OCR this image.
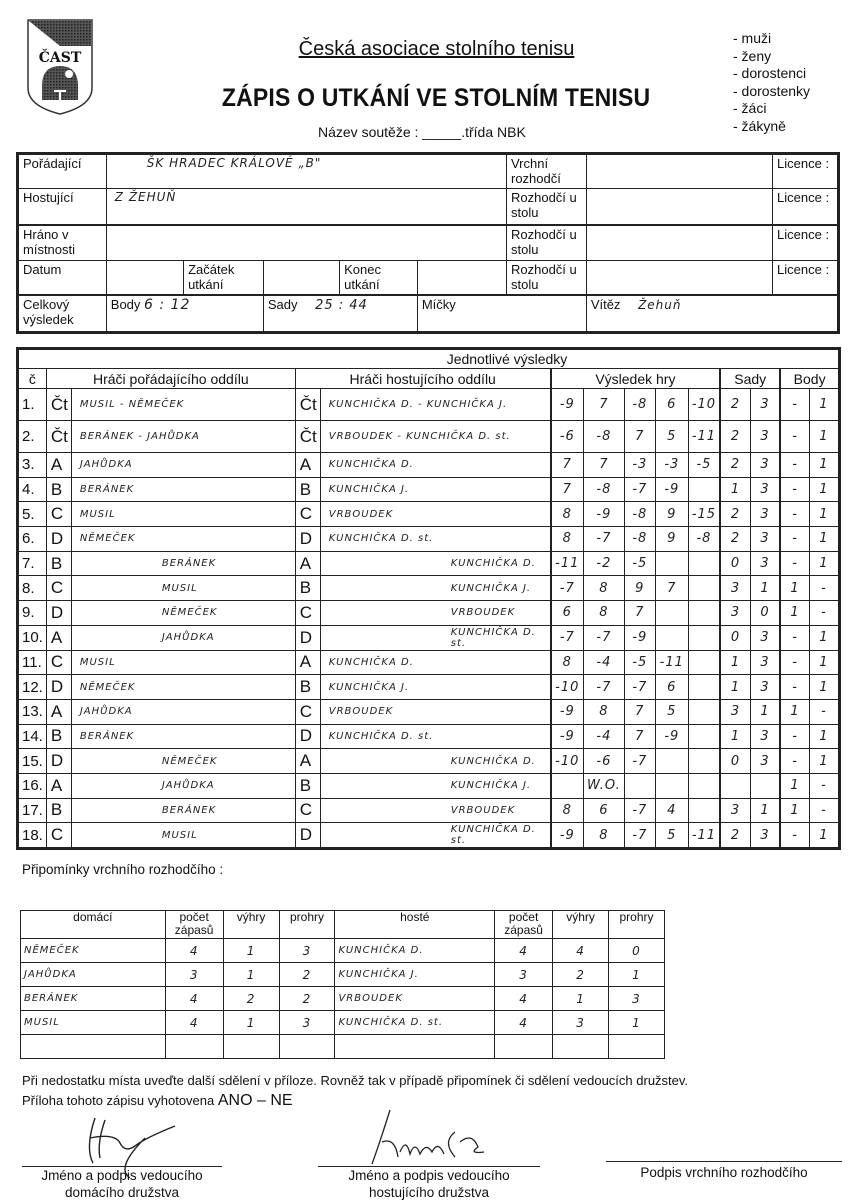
ČAST	Česká asociace stolního tenisu
ZÁPIS O UTKÁNÍ VE STOLNÍM TENISU
Název soutěže : _____.třída NBK
- muži
- ženy
- dorostenci
- dorostenky
- žáci
- žákyně
Pořádající	ŠK HRADEC KRÁLOVÉ „B"					Vrchní rozhodčí		Licence :
Hostující	Z ŽEHUŇ					Rozhodčí u stolu		Licence :
Hráno v místnosti						Rozhodčí u stolu		Licence :
Datum		Začátek utkání		Konec utkání		Rozhodčí u stolu		Licence :
Celkový výsledek	Body 6 : 12		Sady 25 : 44		Míčky		Vítěz Žehuň	
Jednotlivé výsledky													
č	Hráči pořádajícího oddílu		Hráči hostujícího oddílu		Výsledek hry					Sady		Body	
1.	Čt	MUSIL - NĚMEČEK	Čt	KUNCHIČKA D. - KUNCHIČKA J.	-9	7	-8	6	-10	2	3	-	1
2.	Čt	BERÁNEK - JAHŮDKA	Čt	VRBOUDEK - KUNCHIČKA D. st.	-6	-8	7	5	-11	2	3	-	1
3.	A	JAHŮDKA	A	KUNCHIČKA D.	7	7	-3	-3	-5	2	3	-	1
4.	B	BERÁNEK	B	KUNCHIČKA J.	7	-8	-7	-9		1	3	-	1
5.	C	MUSIL	C	VRBOUDEK	8	-9	-8	9	-15	2	3	-	1
6.	D	NĚMEČEK	D	KUNCHIČKA D. st.	8	-7	-8	9	-8	2	3	-	1
7.	B	BERÁNEK	A	KUNCHIČKA D.	-11	-2	-5			0	3	-	1
8.	C	MUSIL	B	KUNCHIČKA J.	-7	8	9	7		3	1	1	-
9.	D	NĚMEČEK	C	VRBOUDEK	6	8	7			3	0	1	-
10.	A	JAHŮDKA	D	KUNCHIČKA D. st.	-7	-7	-9			0	3	-	1
11.	C	MUSIL	A	KUNCHIČKA D.	8	-4	-5	-11		1	3	-	1
12.	D	NĚMEČEK	B	KUNCHIČKA J.	-10	-7	-7	6		1	3	-	1
13.	A	JAHŮDKA	C	VRBOUDEK	-9	8	7	5		3	1	1	-
14.	B	BERÁNEK	D	KUNCHIČKA D. st.	-9	-4	7	-9		1	3	-	1
15.	D	NĚMEČEK	A	KUNCHIČKA D.	-10	-6	-7			0	3	-	1
16.	A	JAHŮDKA	B	KUNCHIČKA J.		W.O.						1	-
17.	B	BERÁNEK	C	VRBOUDEK	8	6	-7	4		3	1	1	-
18.	C	MUSIL	D	KUNCHIČKA D. st.	-9	8	-7	5	-11	2	3	-	1
Připomínky vrchního rozhodčího :
domácí	počet zápasů	výhry	prohry	hosté	počet zápasů	výhry	prohry
NĚMEČEK	4	1	3	KUNCHIČKA D.	4	4	0
JAHŮDKA	3	1	2	KUNCHIČKA J.	3	2	1
BERÁNEK	4	2	2	VRBOUDEK	4	1	3
MUSIL	4	1	3	KUNCHIČKA D. st.	4	3	1

Při nedostatku místa uveďte další sdělení v příloze. Rovněž tak v případě připomínek či sdělení vedoucích družstev.
Příloha tohoto zápisu vyhotovena ANO – NE
Jméno a podpis vedoucího
domácího družstva
Jméno a podpis vedoucího
hostujícího družstva
Podpis vrchního rozhodčího
